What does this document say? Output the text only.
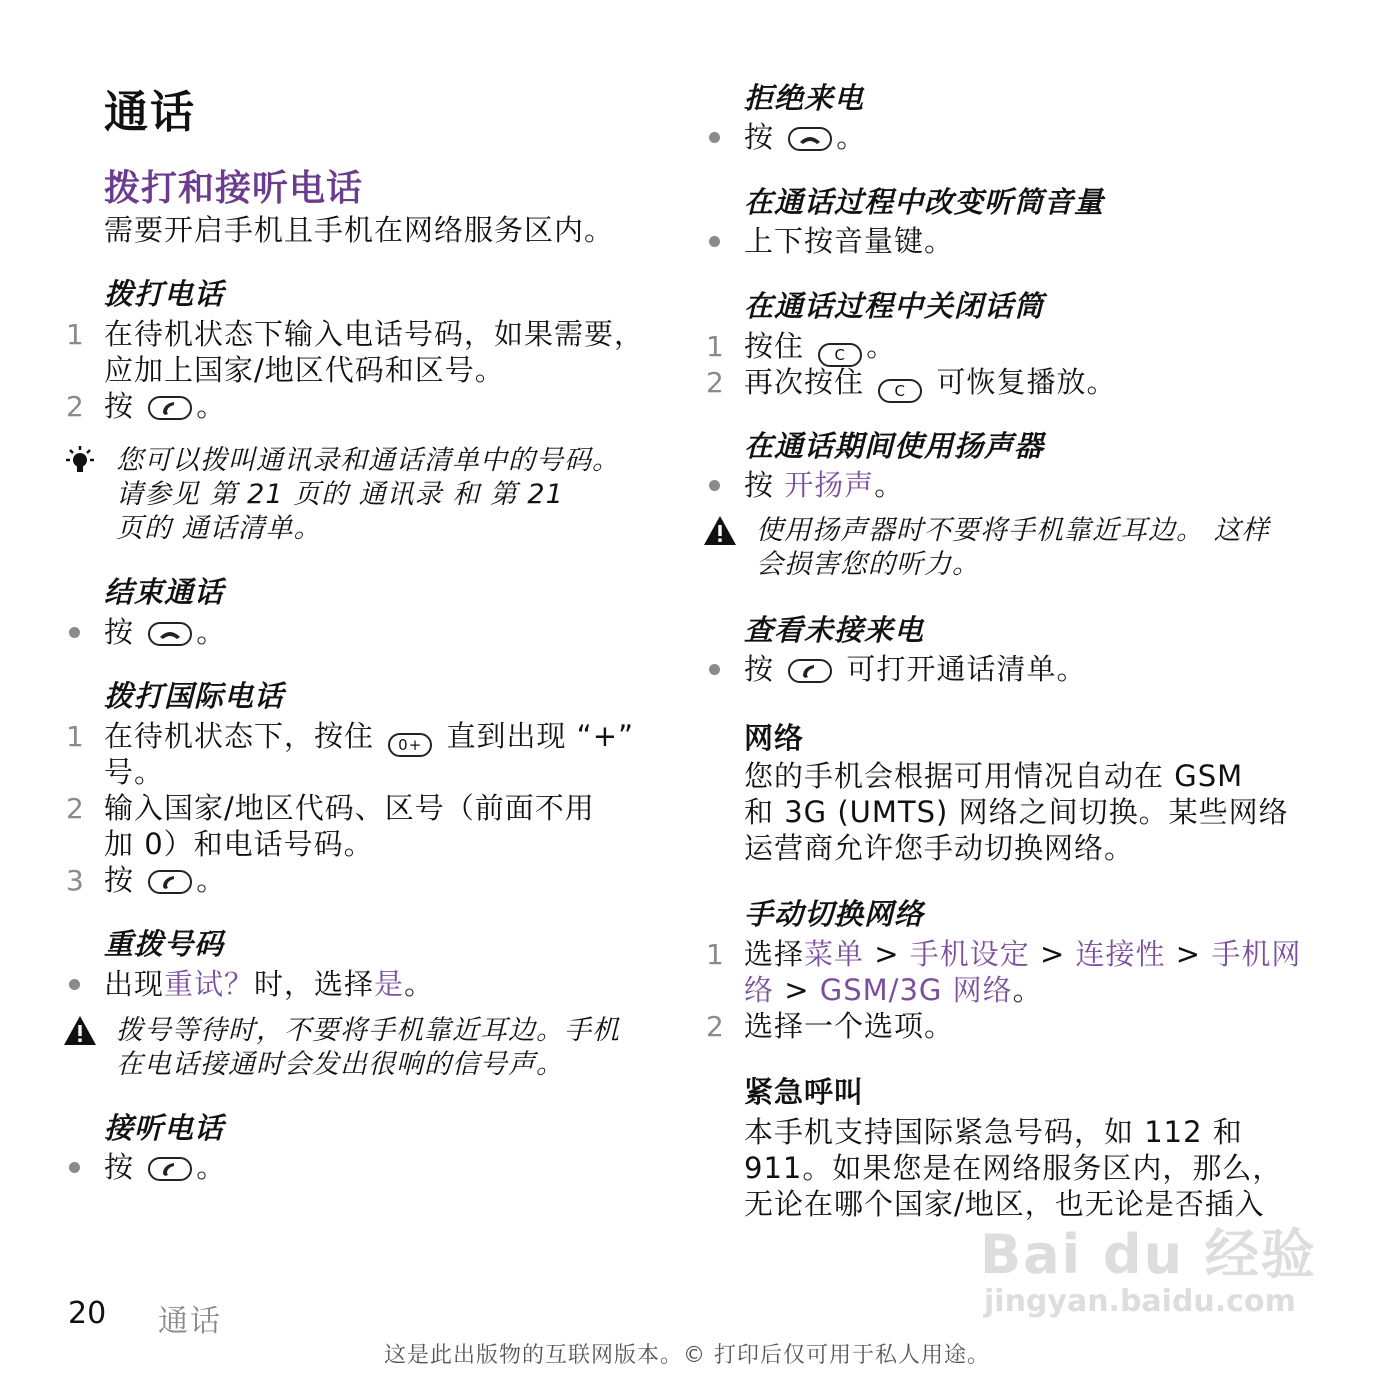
通话
拨打和接听电话
需要开启手机且手机在网络服务区内。
拨打电话
1 在待机状态下输入电话号码，如果需要，
应加上国家/地区代码和区号。
2 按 。
您可以拨叫通讯录和通话清单中的号码。
请参见 第 21 页的 通讯录 和 第 21
页的 通话清单。
结束通话
按 。
拨打国际电话
1 在待机状态下，按住 0+ 直到出现 “+”
号。
2 输入国家/地区代码、区号（前面不用
加 0）和电话号码。
3 按 。
重拨号码
出现重试？时，选择是。
拨号等待时，不要将手机靠近耳边。手机
在电话接通时会发出很响的信号声。
接听电话
按 。
拒绝来电
按 。
在通话过程中改变听筒音量
上下按音量键。
在通话过程中关闭话筒
1 按住 C 。
2 再次按住 C 可恢复播放。
在通话期间使用扬声器
按 开扬声。
使用扬声器时不要将手机靠近耳边。 这样
会损害您的听力。
查看未接来电
按 可打开通话清单。
网络
您的手机会根据可用情况自动在 GSM
和 3G (UMTS) 网络之间切换。某些网络
运营商允许您手动切换网络。
手动切换网络
1 选择菜单 > 手机设定 > 连接性 > 手机网
络 > GSM/3G 网络。
2 选择一个选项。
紧急呼叫
本手机支持国际紧急号码，如 112 和
911。如果您是在网络服务区内，那么，
无论在哪个国家/地区，也无论是否插入
Bai du 经验
jingyan.baidu.com
20 通话
这是此出版物的互联网版本。© 打印后仅可用于私人用途。
